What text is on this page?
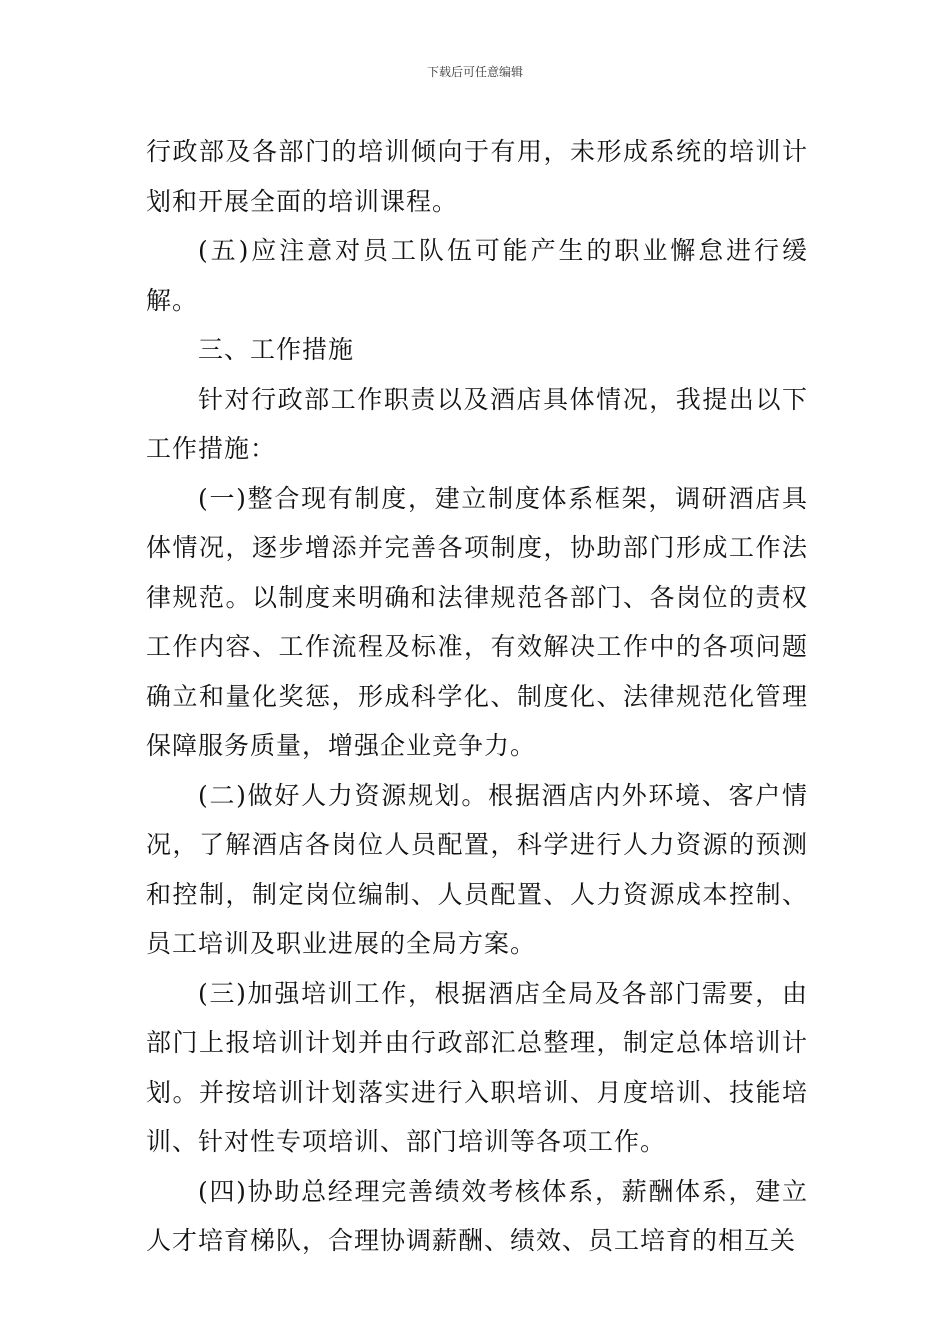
下载后可任意编辑

行政部及各部门的培训倾向于有用，未形成系统的培训计划和开展全面的培训课程。

(五)应注意对员工队伍可能产生的职业懈怠进行缓解。

三、工作措施

针对行政部工作职责以及酒店具体情况，我提出以下工作措施：

(一)整合现有制度，建立制度体系框架，调研酒店具体情况，逐步增添并完善各项制度，协助部门形成工作法律规范。以制度来明确和法律规范各部门、各岗位的责权工作内容、工作流程及标准，有效解决工作中的各项问题确立和量化奖惩，形成科学化、制度化、法律规范化管理保障服务质量，增强企业竞争力。

(二)做好人力资源规划。根据酒店内外环境、客户情况，了解酒店各岗位人员配置，科学进行人力资源的预测和控制，制定岗位编制、人员配置、人力资源成本控制、员工培训及职业进展的全局方案。

(三)加强培训工作，根据酒店全局及各部门需要，由部门上报培训计划并由行政部汇总整理，制定总体培训计划。并按培训计划落实进行入职培训、月度培训、技能培训、针对性专项培训、部门培训等各项工作。

(四)协助总经理完善绩效考核体系，薪酬体系，建立人才培育梯队，合理协调薪酬、绩效、员工培育的相互关
